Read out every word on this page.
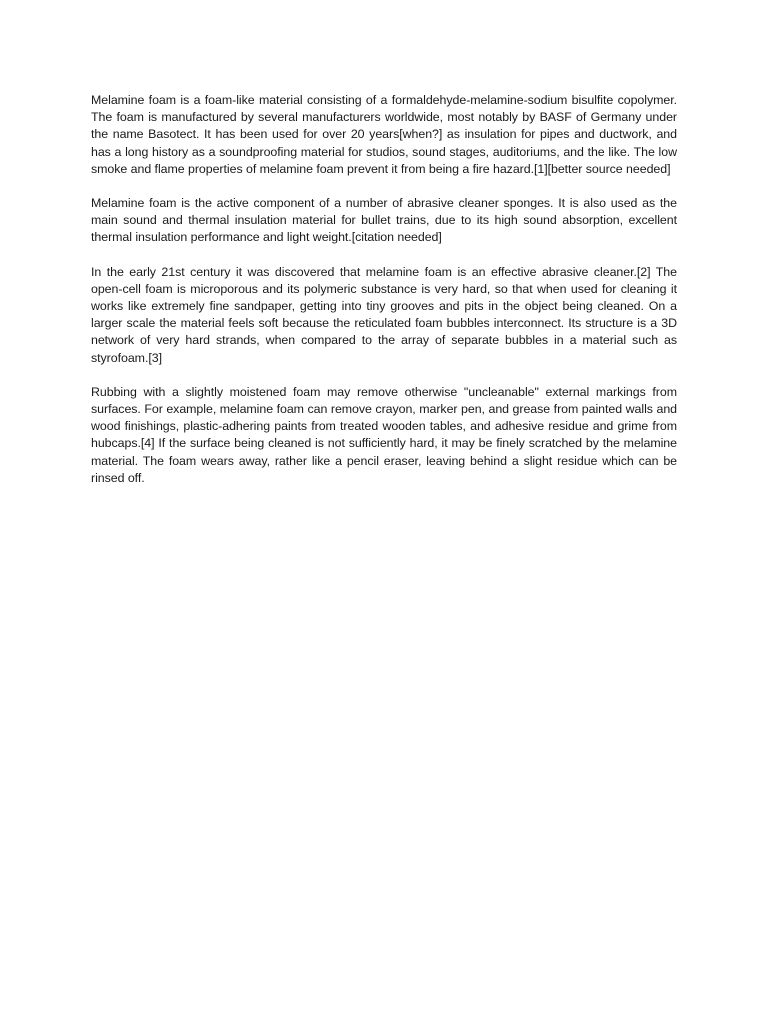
Melamine foam is a foam-like material consisting of a formaldehyde-melamine-sodium bisulfite copolymer. The foam is manufactured by several manufacturers worldwide, most notably by BASF of Germany under the name Basotect. It has been used for over 20 years[when?] as insulation for pipes and ductwork, and has a long history as a soundproofing material for studios, sound stages, auditoriums, and the like. The low smoke and flame properties of melamine foam prevent it from being a fire hazard.[1][better source needed]

Melamine foam is the active component of a number of abrasive cleaner sponges. It is also used as the main sound and thermal insulation material for bullet trains, due to its high sound absorption, excellent thermal insulation performance and light weight.[citation needed]

In the early 21st century it was discovered that melamine foam is an effective abrasive cleaner.[2] The open-cell foam is microporous and its polymeric substance is very hard, so that when used for cleaning it works like extremely fine sandpaper, getting into tiny grooves and pits in the object being cleaned. On a larger scale the material feels soft because the reticulated foam bubbles interconnect. Its structure is a 3D network of very hard strands, when compared to the array of separate bubbles in a material such as styrofoam.[3]

Rubbing with a slightly moistened foam may remove otherwise "uncleanable" external markings from surfaces. For example, melamine foam can remove crayon, marker pen, and grease from painted walls and wood finishings, plastic-adhering paints from treated wooden tables, and adhesive residue and grime from hubcaps.[4] If the surface being cleaned is not sufficiently hard, it may be finely scratched by the melamine material. The foam wears away, rather like a pencil eraser, leaving behind a slight residue which can be rinsed off.
